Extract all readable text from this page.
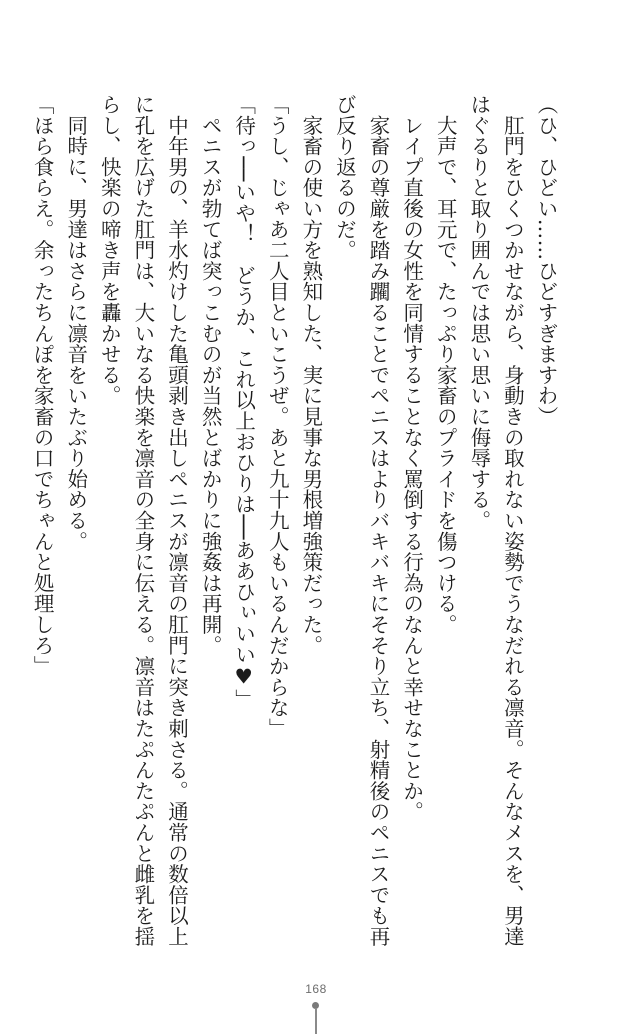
（ひ、ひどい……ひどすぎますわ）

　肛門をひくつかせながら、身動きの取れない姿勢でうなだれる凛音。そんなメスを、男達はぐるりと取り囲んでは思い思いに侮辱する。

　大声で、耳元で、たっぷり家畜のプライドを傷つける。

　レイプ直後の女性を同情することなく罵倒する行為のなんと幸せなことか。

　家畜の尊厳を踏み躙ることでペニスはよりバキバキにそそり立ち、射精後のペニスでも再び反り返るのだ。

　家畜の使い方を熟知した、実に見事な男根増強策だった。

「うし、じゃあ二人目といこうぜ。あと九十九人もいるんだからな」

「待っ──いや！　どうか、これ以上おひりは──ああひぃいい♥」

　ペニスが勃てば突っこむのが当然とばかりに強姦は再開。

　中年男の、羊水灼けした亀頭剥き出しペニスが凛音の肛門に突き刺さる。通常の数倍以上に孔を広げた肛門は、大いなる快楽を凛音の全身に伝える。凛音はたぷんたぷんと雌乳を揺らし、快楽の啼き声を轟かせる。

　同時に、男達はさらに凛音をいたぶり始める。

「ほら食らえ。余ったちんぽを家畜の口でちゃんと処理しろ」

168
